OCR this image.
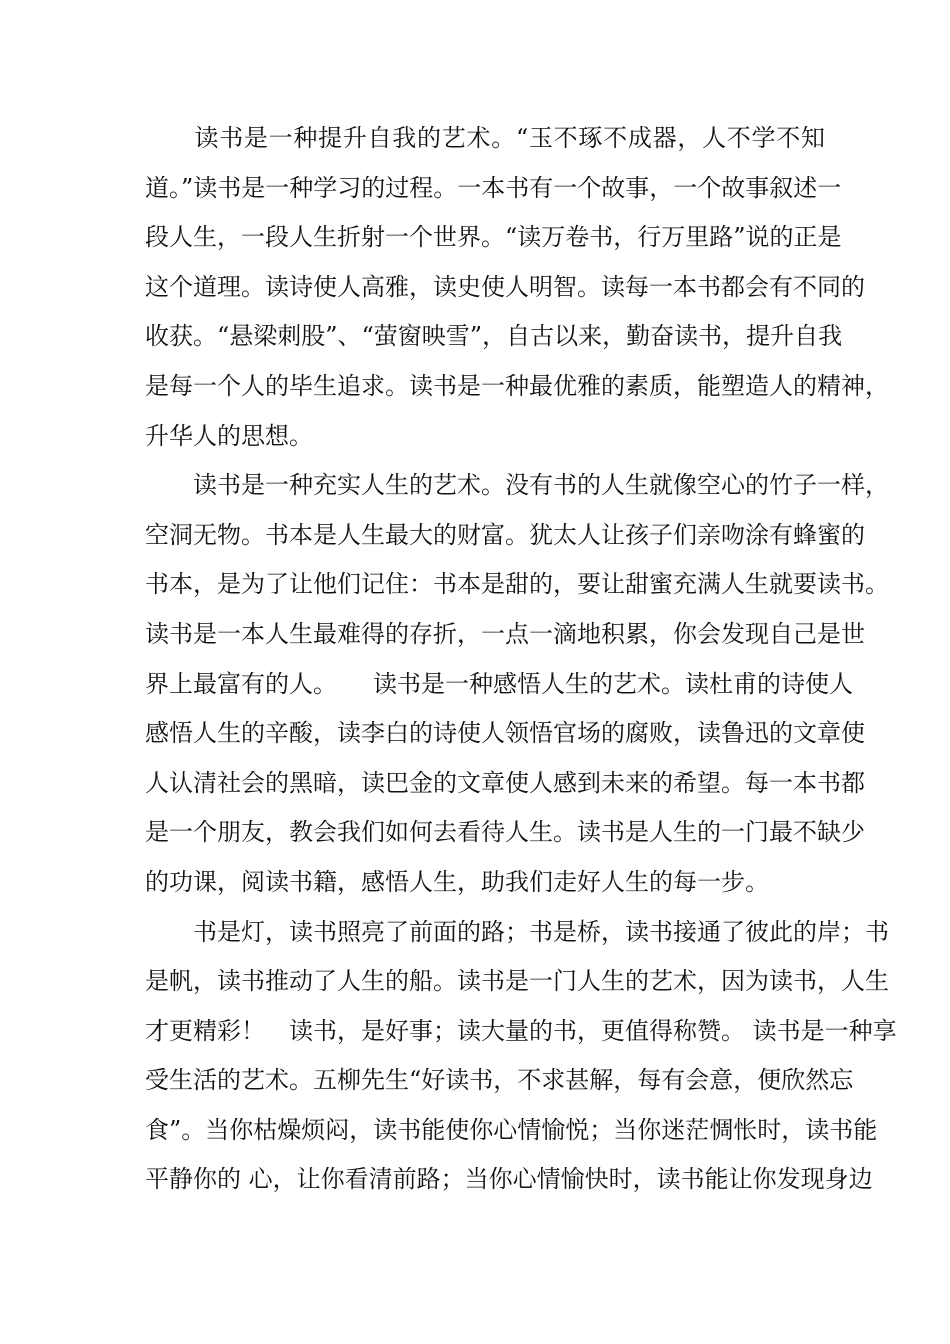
　　读书是一种提升自我的艺术。“玉不琢不成器，人不学不知
道。”读书是一种学习的过程。一本书有一个故事，一个故事叙述一
段人生，一段人生折射一个世界。“读万卷书，行万里路”说的正是
这个道理。读诗使人高雅，读史使人明智。读每一本书都会有不同的
收获。“悬梁刺股”、“萤窗映雪”，自古以来，勤奋读书，提升自我
是每一个人的毕生追求。读书是一种最优雅的素质，能塑造人的精神，
升华人的思想。
　　读书是一种充实人生的艺术。没有书的人生就像空心的竹子一样，
空洞无物。书本是人生最大的财富。犹太人让孩子们亲吻涂有蜂蜜的
书本，是为了让他们记住：书本是甜的，要让甜蜜充满人生就要读书。
读书是一本人生最难得的存折，一点一滴地积累，你会发现自己是世
界上最富有的人。　　读书是一种感悟人生的艺术。读杜甫的诗使人
感悟人生的辛酸，读李白的诗使人领悟官场的腐败，读鲁迅的文章使
人认清社会的黑暗，读巴金的文章使人感到未来的希望。每一本书都
是一个朋友，教会我们如何去看待人生。读书是人生的一门最不缺少
的功课，阅读书籍，感悟人生，助我们走好人生的每一步。
　　书是灯，读书照亮了前面的路；书是桥，读书接通了彼此的岸；书
是帆，读书推动了人生的船。读书是一门人生的艺术，因为读书，人生
才更精彩！　读书，是好事；读大量的书，更值得称赞。 读书是一种享
受生活的艺术。五柳先生“好读书，不求甚解，每有会意，便欣然忘
食”。当你枯燥烦闷，读书能使你心情愉悦；当你迷茫惆怅时，读书能
平静你的 心，让你看清前路；当你心情愉快时，读书能让你发现身边
